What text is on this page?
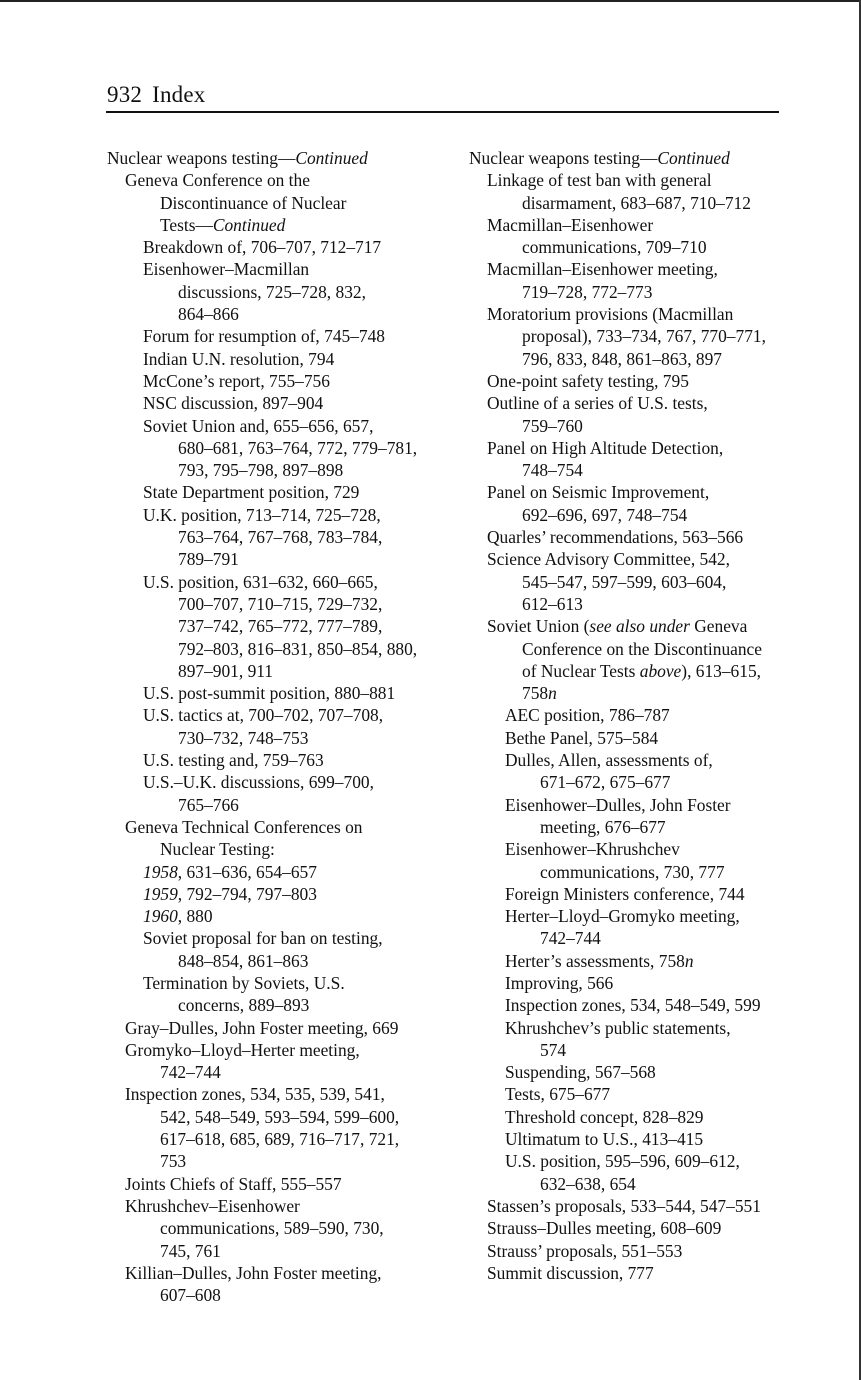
932 Index
Nuclear weapons testing—Continued
Geneva Conference on the
Discontinuance of Nuclear
Tests—Continued
Breakdown of, 706–707, 712–717
Eisenhower–Macmillan
discussions, 725–728, 832,
864–866
Forum for resumption of, 745–748
Indian U.N. resolution, 794
McCone’s report, 755–756
NSC discussion, 897–904
Soviet Union and, 655–656, 657,
680–681, 763–764, 772, 779–781,
793, 795–798, 897–898
State Department position, 729
U.K. position, 713–714, 725–728,
763–764, 767–768, 783–784,
789–791
U.S. position, 631–632, 660–665,
700–707, 710–715, 729–732,
737–742, 765–772, 777–789,
792–803, 816–831, 850–854, 880,
897–901, 911
U.S. post-summit position, 880–881
U.S. tactics at, 700–702, 707–708,
730–732, 748–753
U.S. testing and, 759–763
U.S.–U.K. discussions, 699–700,
765–766
Geneva Technical Conferences on
Nuclear Testing:
1958, 631–636, 654–657
1959, 792–794, 797–803
1960, 880
Soviet proposal for ban on testing,
848–854, 861–863
Termination by Soviets, U.S.
concerns, 889–893
Gray–Dulles, John Foster meeting, 669
Gromyko–Lloyd–Herter meeting,
742–744
Inspection zones, 534, 535, 539, 541,
542, 548–549, 593–594, 599–600,
617–618, 685, 689, 716–717, 721,
753
Joints Chiefs of Staff, 555–557
Khrushchev–Eisenhower
communications, 589–590, 730,
745, 761
Killian–Dulles, John Foster meeting,
607–608
Nuclear weapons testing—Continued
Linkage of test ban with general
disarmament, 683–687, 710–712
Macmillan–Eisenhower
communications, 709–710
Macmillan–Eisenhower meeting,
719–728, 772–773
Moratorium provisions (Macmillan
proposal), 733–734, 767, 770–771,
796, 833, 848, 861–863, 897
One-point safety testing, 795
Outline of a series of U.S. tests,
759–760
Panel on High Altitude Detection,
748–754
Panel on Seismic Improvement,
692–696, 697, 748–754
Quarles’ recommendations, 563–566
Science Advisory Committee, 542,
545–547, 597–599, 603–604,
612–613
Soviet Union (see also under Geneva
Conference on the Discontinuance
of Nuclear Tests above), 613–615,
758n
AEC position, 786–787
Bethe Panel, 575–584
Dulles, Allen, assessments of,
671–672, 675–677
Eisenhower–Dulles, John Foster
meeting, 676–677
Eisenhower–Khrushchev
communications, 730, 777
Foreign Ministers conference, 744
Herter–Lloyd–Gromyko meeting,
742–744
Herter’s assessments, 758n
Improving, 566
Inspection zones, 534, 548–549, 599
Khrushchev’s public statements,
574
Suspending, 567–568
Tests, 675–677
Threshold concept, 828–829
Ultimatum to U.S., 413–415
U.S. position, 595–596, 609–612,
632–638, 654
Stassen’s proposals, 533–544, 547–551
Strauss–Dulles meeting, 608–609
Strauss’ proposals, 551–553
Summit discussion, 777
